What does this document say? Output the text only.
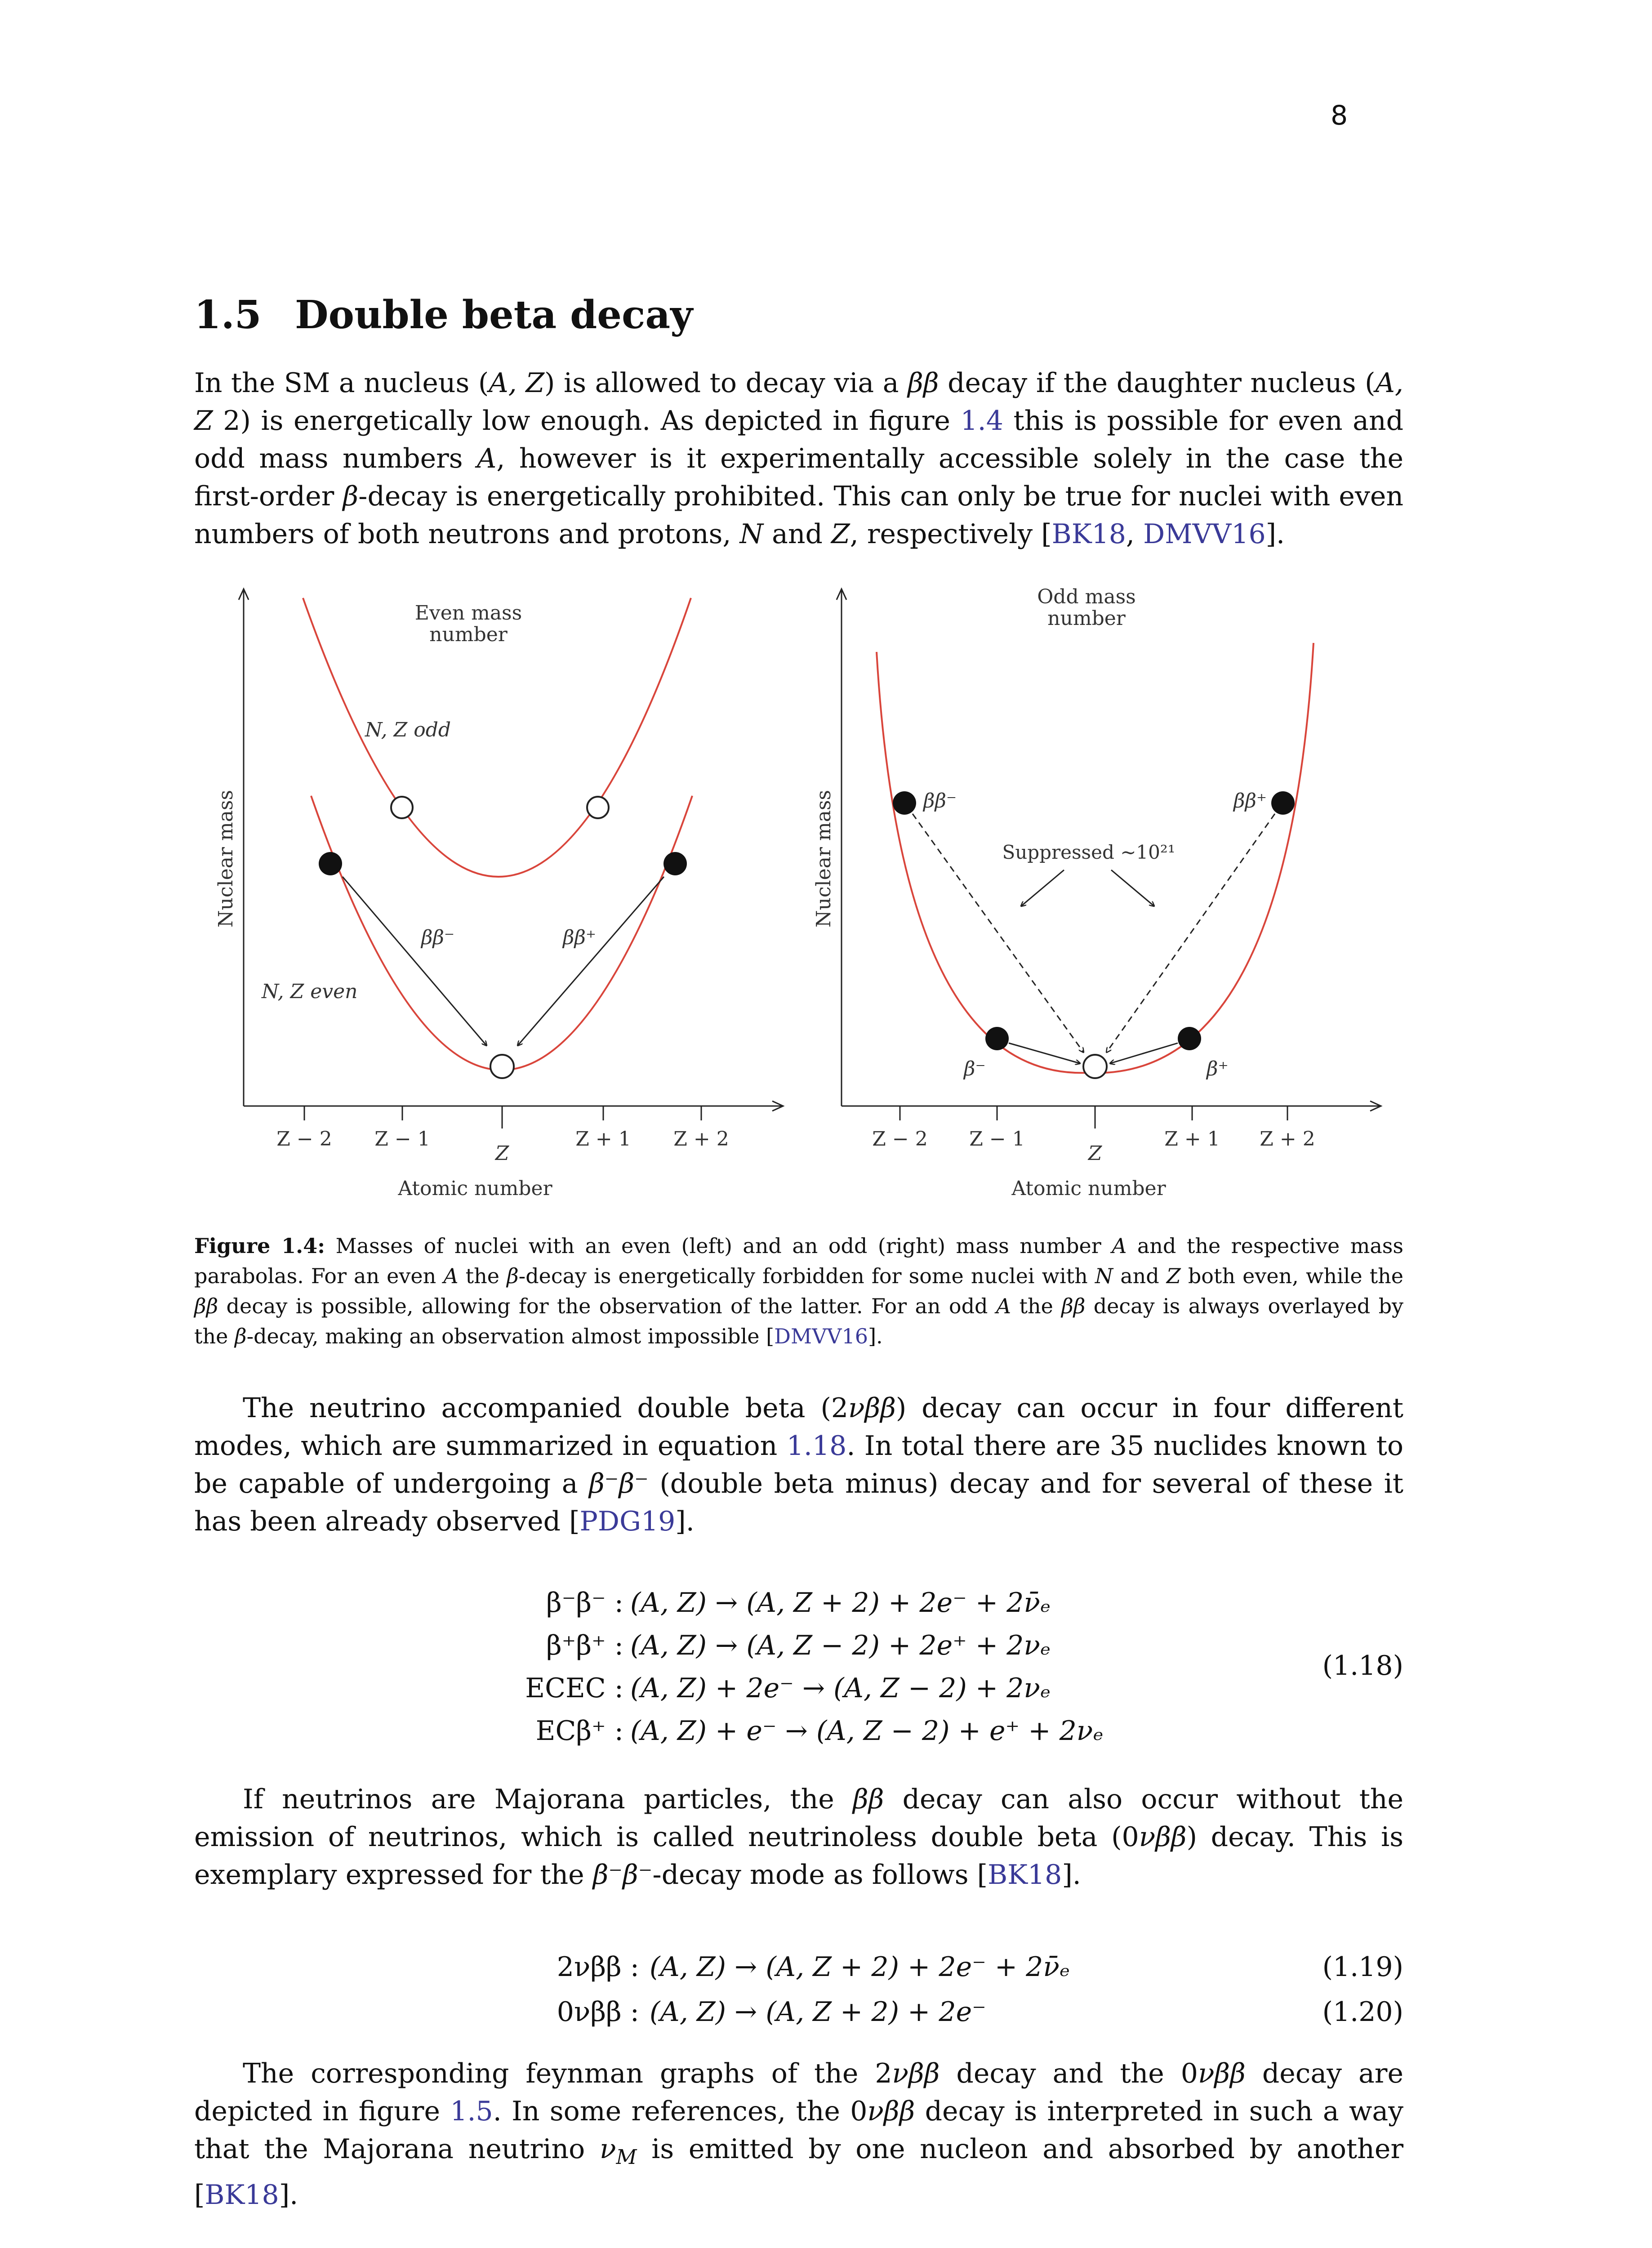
8
1.5 Double beta decay

In the SM a nucleus (A, Z) is allowed to decay via a ββ decay if the daughter nucleus (A, Z 2) is energetically low enough. As depicted in figure 1.4 this is possible for even and odd mass numbers A, however is it experimentally accessible solely in the case the first-order β-decay is energetically prohibited. This can only be true for nuclei with even numbers of both neutrons and protons, N and Z, respectively [BK18, DMVV16].

Even mass
number
N, Z odd
N, Z even
ββ⁻	ββ⁺
Nuclear mass
Atomic number
Z − 2 Z − 1
Z
Z + 1 Z + 2
Odd mass
number
ββ⁻	ββ⁺
Suppressed ~10²¹
β⁻	β⁺
Nuclear mass
Atomic number
Z − 2 Z − 1
Z
Z + 1 Z + 2

Figure 1.4: Masses of nuclei with an even (left) and an odd (right) mass number A and the respective mass parabolas. For an even A the β-decay is energetically forbidden for some nuclei with N and Z both even, while the ββ decay is possible, allowing for the observation of the latter. For an odd A the ββ decay is always overlayed by the β-decay, making an observation almost impossible [DMVV16].

The neutrino accompanied double beta (2νββ) decay can occur in four different modes, which are summarized in equation 1.18. In total there are 35 nuclides known to be capable of undergoing a β⁻β⁻ (double beta minus) decay and for several of these it has been already observed [PDG19].

β⁻β⁻ : (A, Z) → (A, Z + 2) + 2e⁻ + 2ν̄ₑ
β⁺β⁺ : (A, Z) → (A, Z − 2) + 2e⁺ + 2νₑ
ECEC : (A, Z) + 2e⁻ → (A, Z − 2) + 2νₑ
ECβ⁺ : (A, Z) + e⁻ → (A, Z − 2) + e⁺ + 2νₑ
(1.18)

If neutrinos are Majorana particles, the ββ decay can also occur without the emission of neutrinos, which is called neutrinoless double beta (0νββ) decay. This is exemplary expressed for the β⁻β⁻-decay mode as follows [BK18].

2νββ : (A, Z) → (A, Z + 2) + 2e⁻ + 2ν̄ₑ	(1.19)
0νββ : (A, Z) → (A, Z + 2) + 2e⁻	(1.20)

The corresponding feynman graphs of the 2νββ decay and the 0νββ decay are depicted in figure 1.5. In some references, the 0νββ decay is interpreted in such a way that the Majorana neutrino $\nu_M$ is emitted by one nucleon and absorbed by another [BK18].
